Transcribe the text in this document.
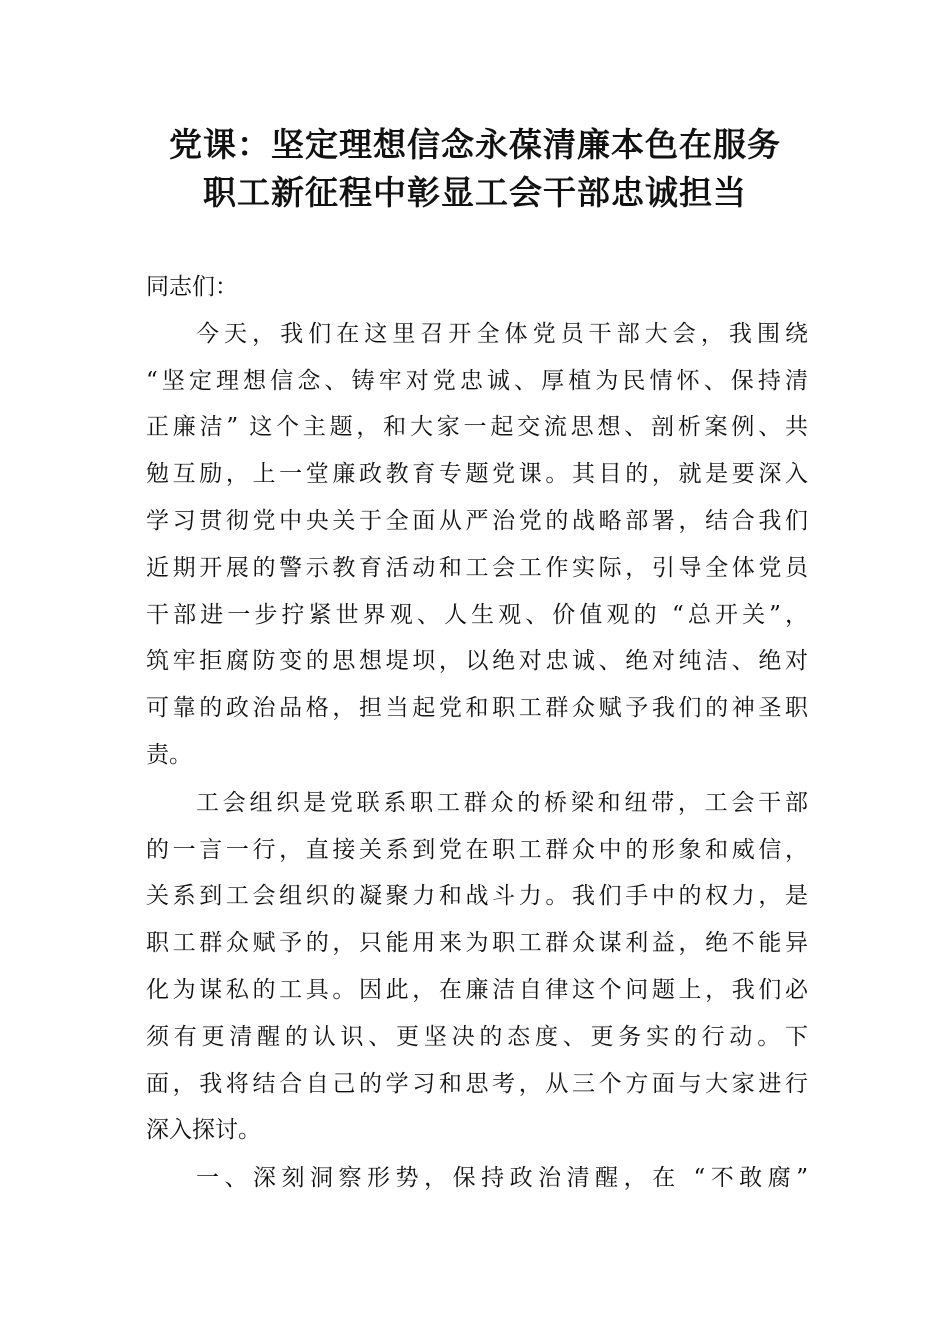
党课：坚定理想信念永葆清廉本色在服务
职工新征程中彰显工会干部忠诚担当
同志们：
今天，我们在这里召开全体党员干部大会，我围绕
“坚定理想信念、铸牢对党忠诚、厚植为民情怀、保持清
正廉洁” 这个主题，和大家一起交流思想、剖析案例、共
勉互励，上一堂廉政教育专题党课。其目的，就是要深入
学习贯彻党中央关于全面从严治党的战略部署，结合我们
近期开展的警示教育活动和工会工作实际，引导全体党员
干部进一步拧紧世界观、人生观、价值观的 “总开关”，
筑牢拒腐防变的思想堤坝，以绝对忠诚、绝对纯洁、绝对
可靠的政治品格，担当起党和职工群众赋予我们的神圣职
责。
工会组织是党联系职工群众的桥梁和纽带，工会干部
的一言一行，直接关系到党在职工群众中的形象和威信，
关系到工会组织的凝聚力和战斗力。我们手中的权力，是
职工群众赋予的，只能用来为职工群众谋利益，绝不能异
化为谋私的工具。因此，在廉洁自律这个问题上，我们必
须有更清醒的认识、更坚决的态度、更务实的行动。下
面，我将结合自己的学习和思考，从三个方面与大家进行
深入探讨。
一、深刻洞察形势，保持政治清醒，在 “不敢腐”
